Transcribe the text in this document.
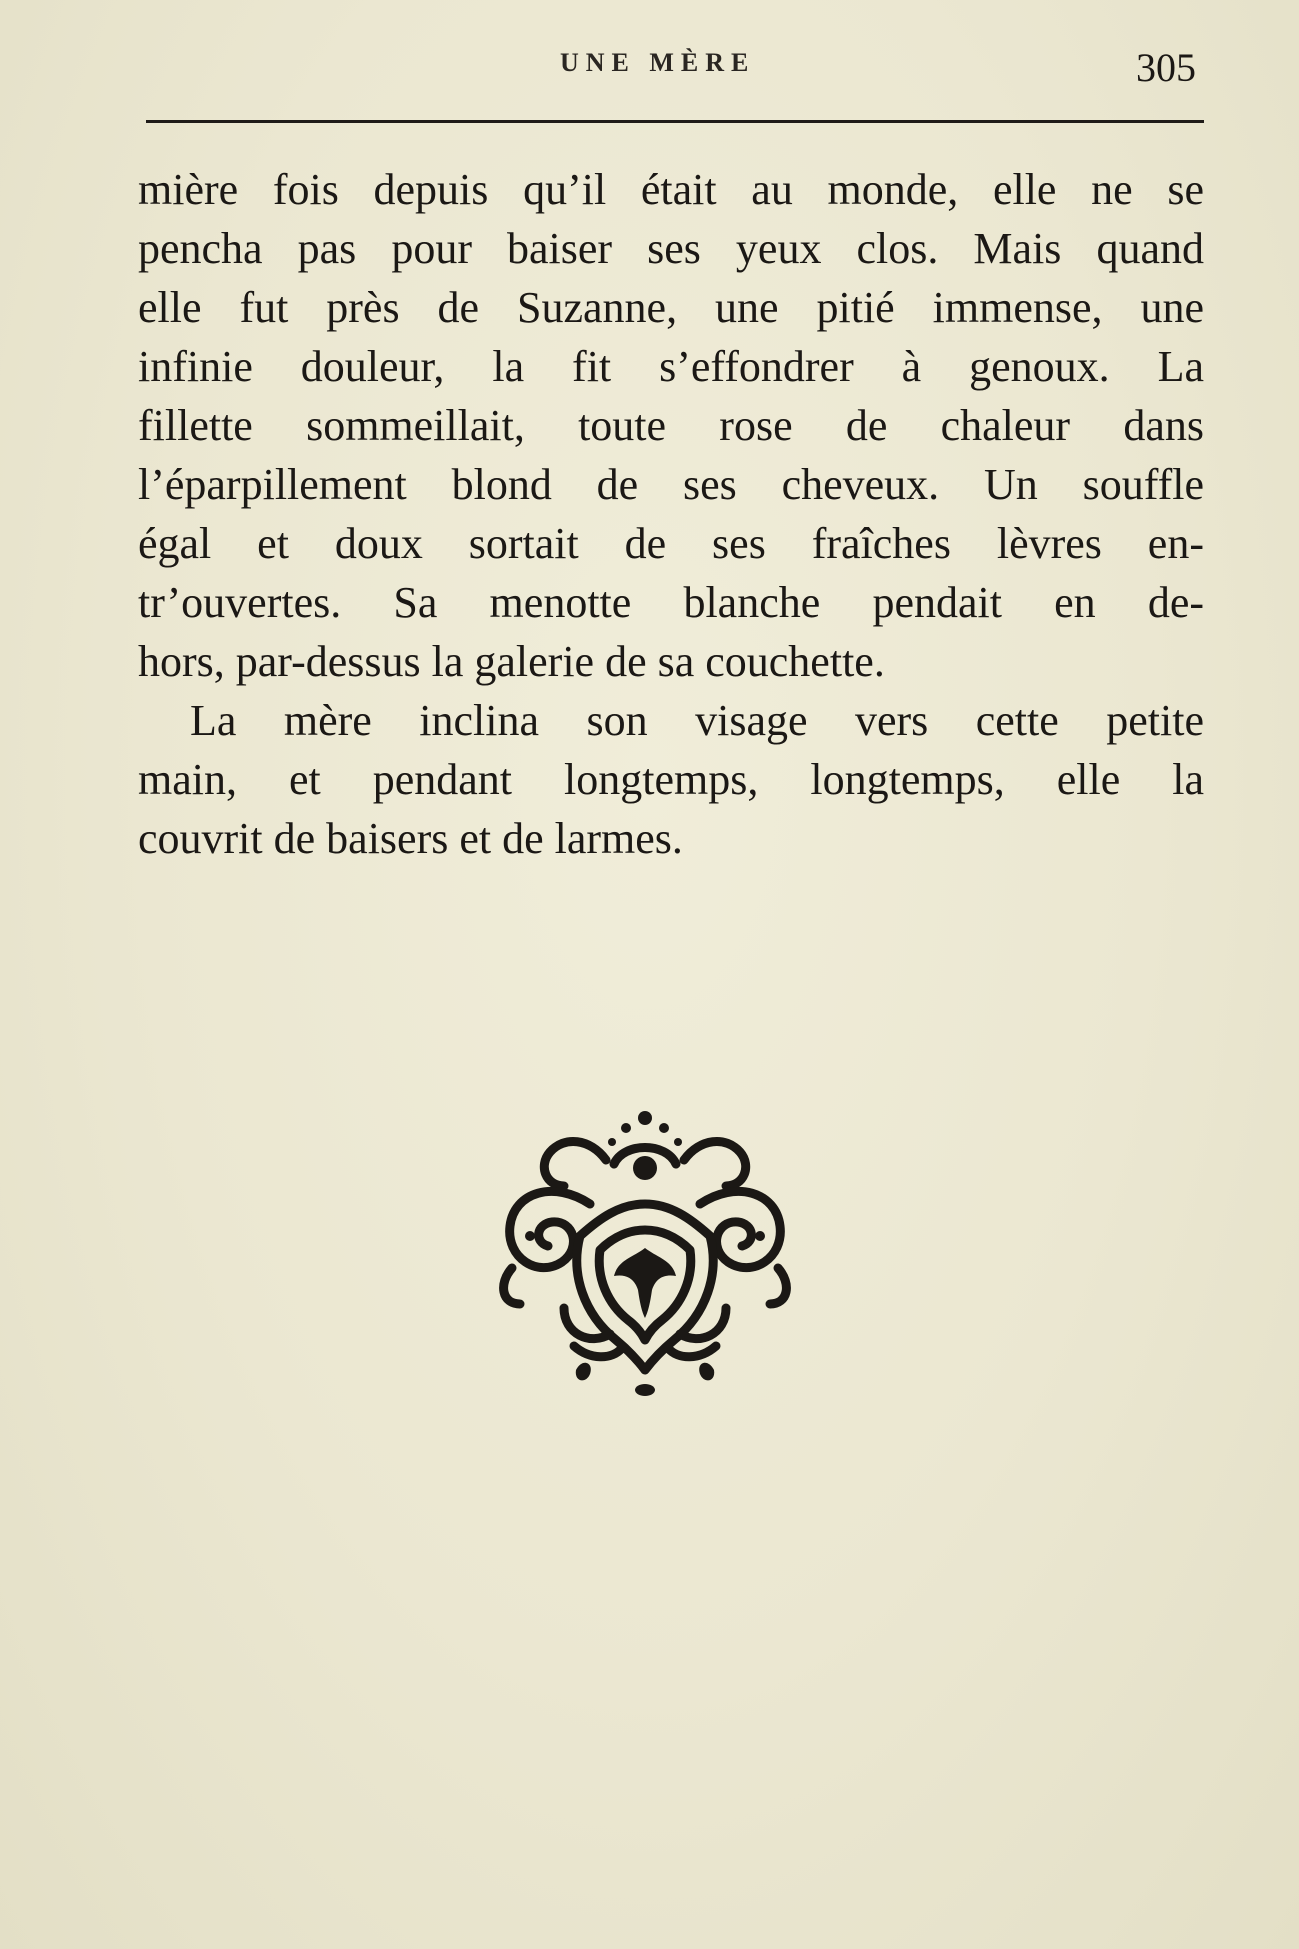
UNE MÈRE	305
mière fois depuis qu’il était au monde, elle ne se
pencha pas pour baiser ses yeux clos. Mais quand
elle fut près de Suzanne, une pitié immense, une
infinie douleur, la fit s’effondrer à genoux. La
fillette sommeillait, toute rose de chaleur dans
l’éparpillement blond de ses cheveux. Un souffle
égal et doux sortait de ses fraîches lèvres en-
tr’ouvertes. Sa menotte blanche pendait en de-
hors, par-dessus la galerie de sa couchette.
La mère inclina son visage vers cette petite
main, et pendant longtemps, longtemps, elle la
couvrit de baisers et de larmes.
